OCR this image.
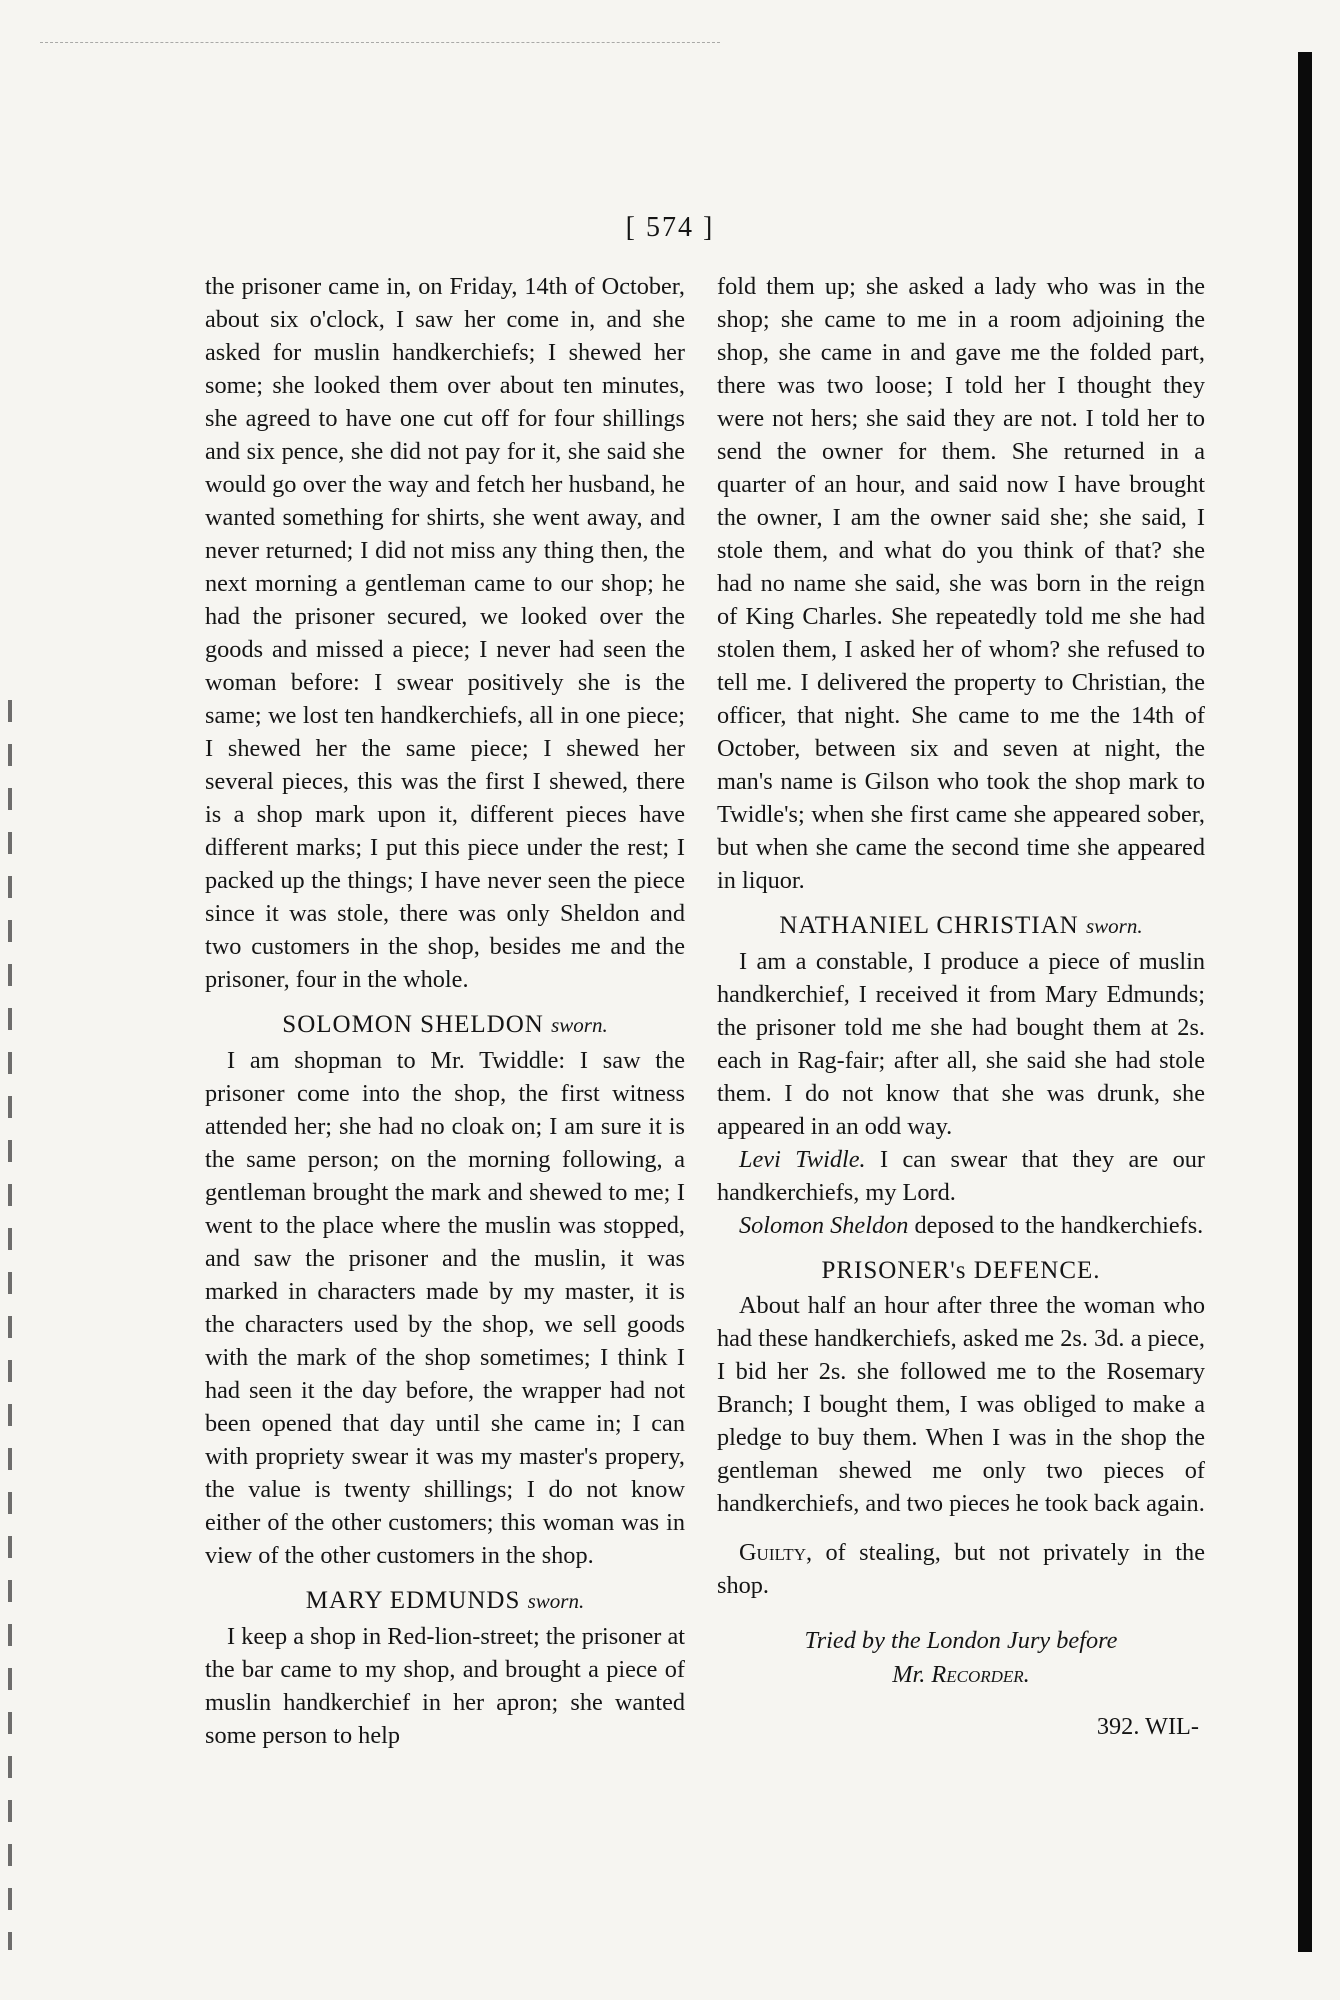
[ 574 ]

the prisoner came in, on Friday, 14th of October, about six o'clock, I saw her come in, and she asked for muslin handkerchiefs; I shewed her some; she looked them over about ten minutes, she agreed to have one cut off for four shillings and six pence, she did not pay for it, she said she would go over the way and fetch her husband, he wanted something for shirts, she went away, and never returned; I did not miss any thing then, the next morning a gentleman came to our shop; he had the prisoner secured, we looked over the goods and missed a piece; I never had seen the woman before: I swear positively she is the same; we lost ten handkerchiefs, all in one piece; I shewed her the same piece; I shewed her several pieces, this was the first I shewed, there is a shop mark upon it, different pieces have different marks; I put this piece under the rest; I packed up the things; I have never seen the piece since it was stole, there was only Sheldon and two customers in the shop, besides me and the prisoner, four in the whole.

SOLOMON SHELDON sworn.

I am shopman to Mr. Twiddle: I saw the prisoner come into the shop, the first witness attended her; she had no cloak on; I am sure it is the same person; on the morning following, a gentleman brought the mark and shewed to me; I went to the place where the muslin was stopped, and saw the prisoner and the muslin, it was marked in characters made by my master, it is the characters used by the shop, we sell goods with the mark of the shop sometimes; I think I had seen it the day before, the wrapper had not been opened that day until she came in; I can with propriety swear it was my master's propery, the value is twenty shillings; I do not know either of the other customers; this woman was in view of the other customers in the shop.

MARY EDMUNDS sworn.

I keep a shop in Red-lion-street; the prisoner at the bar came to my shop, and brought a piece of muslin handkerchief in her apron; she wanted some person to help

fold them up; she asked a lady who was in the shop; she came to me in a room adjoining the shop, she came in and gave me the folded part, there was two loose; I told her I thought they were not hers; she said they are not. I told her to send the owner for them. She returned in a quarter of an hour, and said now I have brought the owner, I am the owner said she; she said, I stole them, and what do you think of that? she had no name she said, she was born in the reign of King Charles. She repeatedly told me she had stolen them, I asked her of whom? she refused to tell me. I delivered the property to Christian, the officer, that night. She came to me the 14th of October, between six and seven at night, the man's name is Gilson who took the shop mark to Twidle's; when she first came she appeared sober, but when she came the second time she appeared in liquor.

NATHANIEL CHRISTIAN sworn.

I am a constable, I produce a piece of muslin handkerchief, I received it from Mary Edmunds; the prisoner told me she had bought them at 2s. each in Rag-fair; after all, she said she had stole them. I do not know that she was drunk, she appeared in an odd way.

Levi Twidle. I can swear that they are our handkerchiefs, my Lord.

Solomon Sheldon deposed to the handkerchiefs.

PRISONER's DEFENCE.

About half an hour after three the woman who had these handkerchiefs, asked me 2s. 3d. a piece, I bid her 2s. she followed me to the Rosemary Branch; I bought them, I was obliged to make a pledge to buy them. When I was in the shop the gentleman shewed me only two pieces of handkerchiefs, and two pieces he took back again.

Guilty, of stealing, but not privately in the shop.

Tried by the London Jury before
Mr. Recorder.
392. WIL-
